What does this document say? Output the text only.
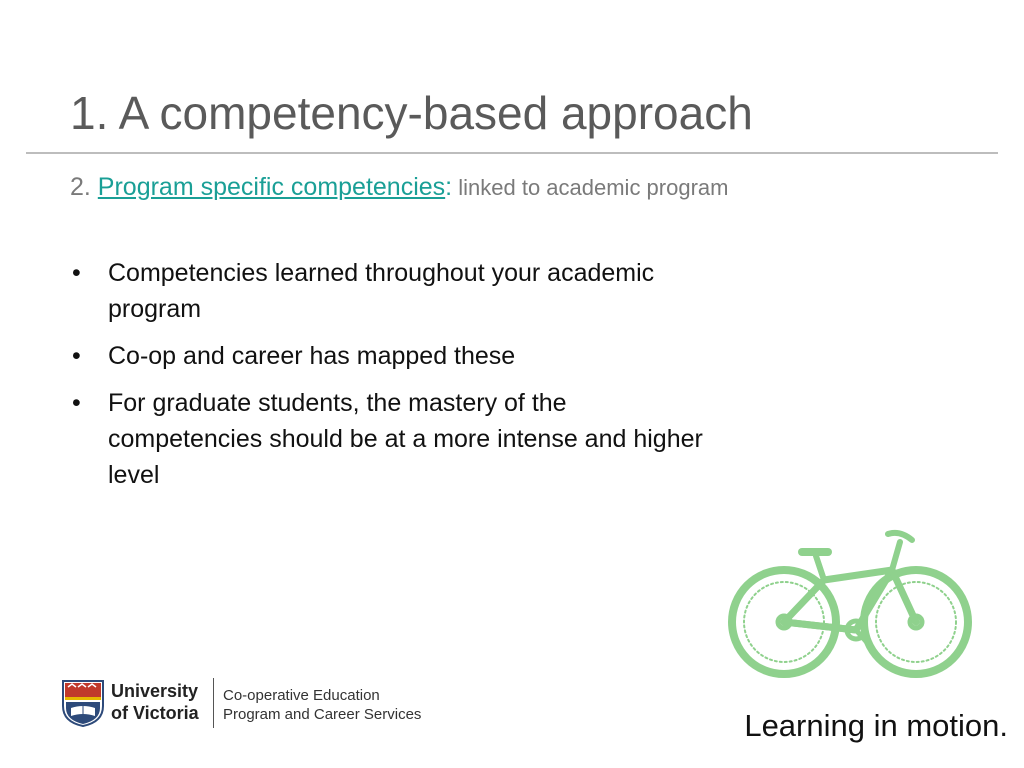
1. A competency-based approach
2. Program specific competencies: linked to academic program
• Competencies learned throughout your academic program
• Co-op and career has mapped these
• For graduate students, the mastery of the competencies should be at a more intense and higher level
University
of Victoria
Co-operative Education
Program and Career Services	Learning in motion.
